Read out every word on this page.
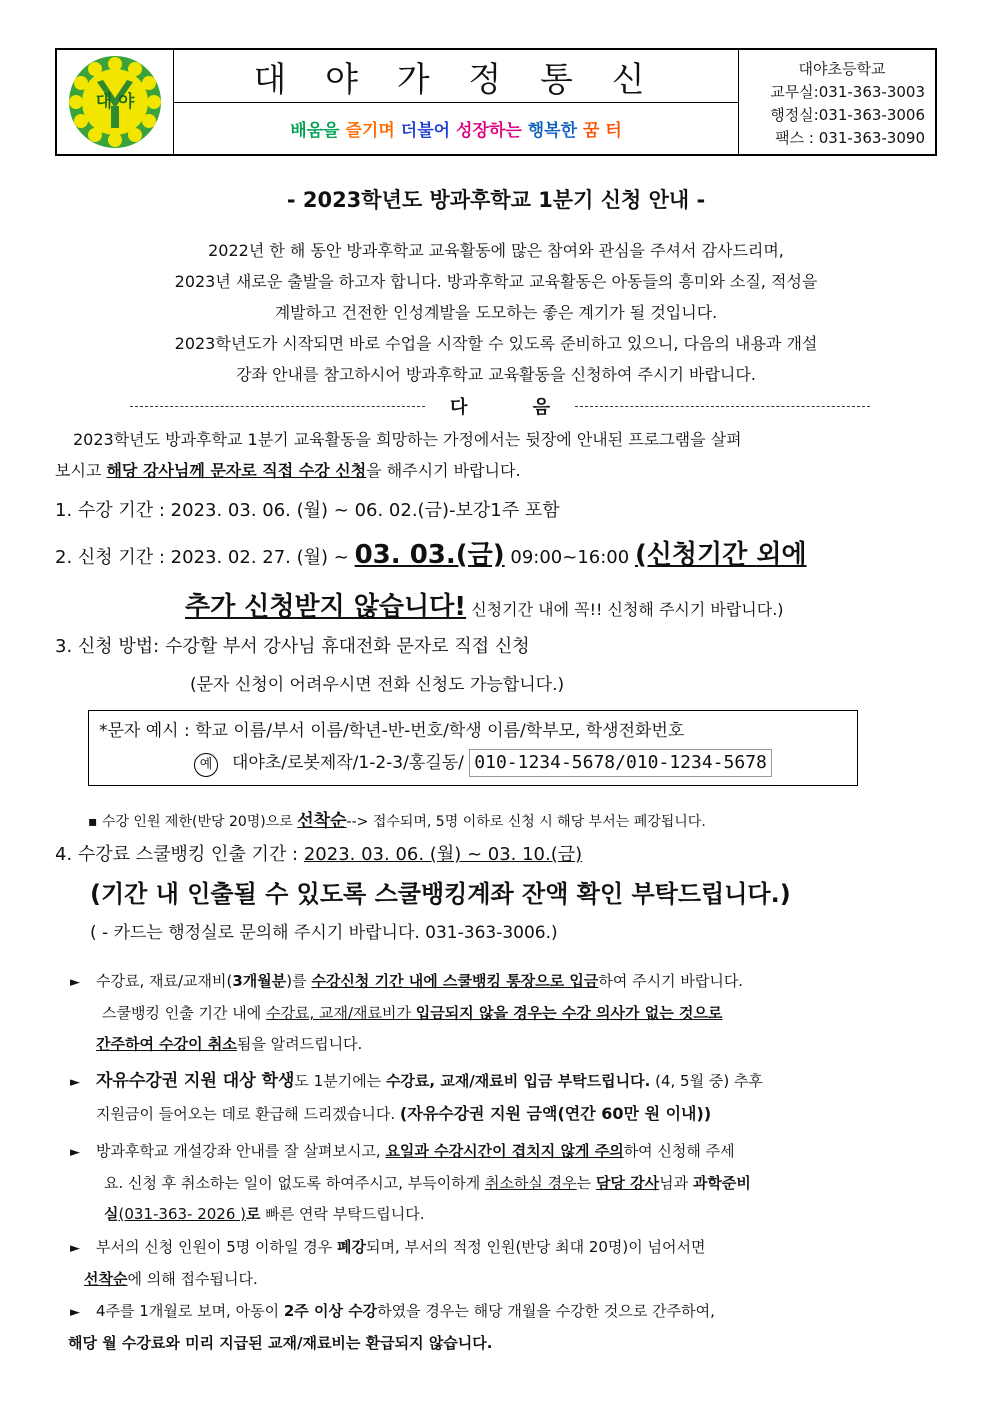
대 야
대 야 가 정 통 신
배움을 즐기며 더불어 성장하는 행복한 꿈 터
대야초등학교
교무실:031-363-3003
행정실:031-363-3006
팩스 : 031-363-3090
- 2023학년도 방과후학교 1분기 신청 안내 -
2022년 한 해 동안 방과후학교 교육활동에 많은 참여와 관심을 주셔서 감사드리며,
2023년 새로운 출발을 하고자 합니다. 방과후학교 교육활동은 아동들의 흥미와 소질, 적성을
계발하고 건전한 인성계발을 도모하는 좋은 계기가 될 것입니다.
2023학년도가 시작되면 바로 수업을 시작할 수 있도록 준비하고 있으니, 다음의 내용과 개설
강좌 안내를 참고하시어 방과후학교 교육활동을 신청하여 주시기 바랍니다.
다	음
2023학년도 방과후학교 1분기 교육활동을 희망하는 가정에서는 뒷장에 안내된 프로그램을 살펴
보시고 해당 강사님께 문자로 직접 수강 신청을 해주시기 바랍니다.
1. 수강 기간 : 2023. 03. 06. (월) ~ 06. 02.(금)-보강1주 포함
2. 신청 기간 : 2023. 02. 27. (월) ~ 03. 03.(금) 09:00~16:00 (신청기간 외에
추가 신청받지 않습니다! 신청기간 내에 꼭!! 신청해 주시기 바랍니다.)
3. 신청 방법: 수강할 부서 강사님 휴대전화 문자로 직접 신청
(문자 신청이 어려우시면 전화 신청도 가능합니다.)
*문자 예시 : 학교 이름/부서 이름/학년-반-번호/학생 이름/학부모, 학생전화번호
예 대야초/로봇제작/1-2-3/홍길동/ 010-1234-5678/010-1234-5678
▪ 수강 인원 제한(반당 20명)으로 선착순--> 접수되며, 5명 이하로 신청 시 해당 부서는 폐강됩니다.
4. 수강료 스쿨뱅킹 인출 기간 : 2023. 03. 06. (월) ~ 03. 10.(금)
(기간 내 인출될 수 있도록 스쿨뱅킹계좌 잔액 확인 부탁드립니다.)
( - 카드는 행정실로 문의해 주시기 바랍니다. 031-363-3006.)
► 수강료, 재료/교재비(3개월분)를 수강신청 기간 내에 스쿨뱅킹 통장으로 입금하여 주시기 바랍니다.
스쿨뱅킹 인출 기간 내에 수강료, 교재/재료비가 입금되지 않을 경우는 수강 의사가 없는 것으로
간주하여 수강이 취소됨을 알려드립니다.
► 자유수강권 지원 대상 학생도 1분기에는 수강료, 교재/재료비 입금 부탁드립니다. (4, 5월 중) 추후
지원금이 들어오는 데로 환급해 드리겠습니다. (자유수강권 지원 금액(연간 60만 원 이내))
► 방과후학교 개설강좌 안내를 잘 살펴보시고, 요일과 수강시간이 겹치지 않게 주의하여 신청해 주세
요. 신청 후 취소하는 일이 없도록 하여주시고, 부득이하게 취소하실 경우는 담당 강사님과 과학준비
실(031-363- 2026 )로 빠른 연락 부탁드립니다.
► 부서의 신청 인원이 5명 이하일 경우 폐강되며, 부서의 적정 인원(반당 최대 20명)이 넘어서면
선착순에 의해 접수됩니다.
► 4주를 1개월로 보며, 아동이 2주 이상 수강하였을 경우는 해당 개월을 수강한 것으로 간주하여,
해당 월 수강료와 미리 지급된 교재/재료비는 환급되지 않습니다.
